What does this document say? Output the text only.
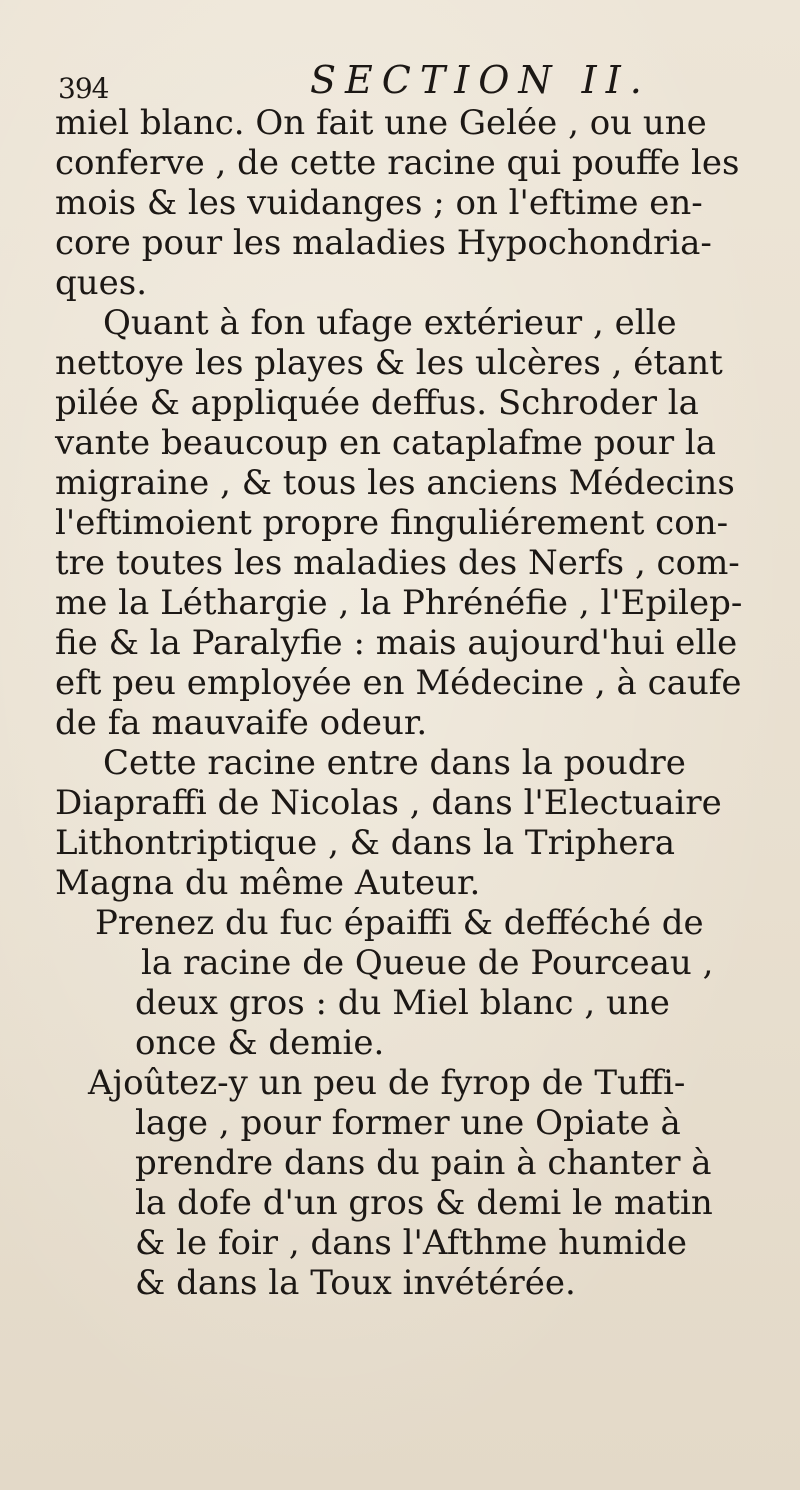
394	SECTION II.
miel blanc. On fait une Gelée , ou une
conferve , de cette racine qui pouffe les
mois & les vuidanges ; on l'eftime en-
core pour les maladies Hypochondria-
ques.
Quant à fon ufage extérieur , elle
nettoye les playes & les ulcères , étant
pilée & appliquée deffus. Schroder la
vante beaucoup en cataplafme pour la
migraine , & tous les anciens Médecins
l'eftimoient propre finguliérement con-
tre toutes les maladies des Nerfs , com-
me la Léthargie , la Phrénéfie , l'Epilep-
fie & la Paralyfie : mais aujourd'hui elle
eft peu employée en Médecine , à caufe
de fa mauvaife odeur.
Cette racine entre dans la poudre
Diapraffi de Nicolas , dans l'Electuaire
Lithontriptique , & dans la Triphera
Magna du même Auteur.
Prenez du fuc épaiffi & defféché de
la racine de Queue de Pourceau ,
deux gros : du Miel blanc , une
once & demie.
Ajoûtez-y un peu de fyrop de Tuffi-
lage , pour former une Opiate à
prendre dans du pain à chanter à
la dofe d'un gros & demi le matin
& le foir , dans l'Afthme humide
& dans la Toux invétérée.
